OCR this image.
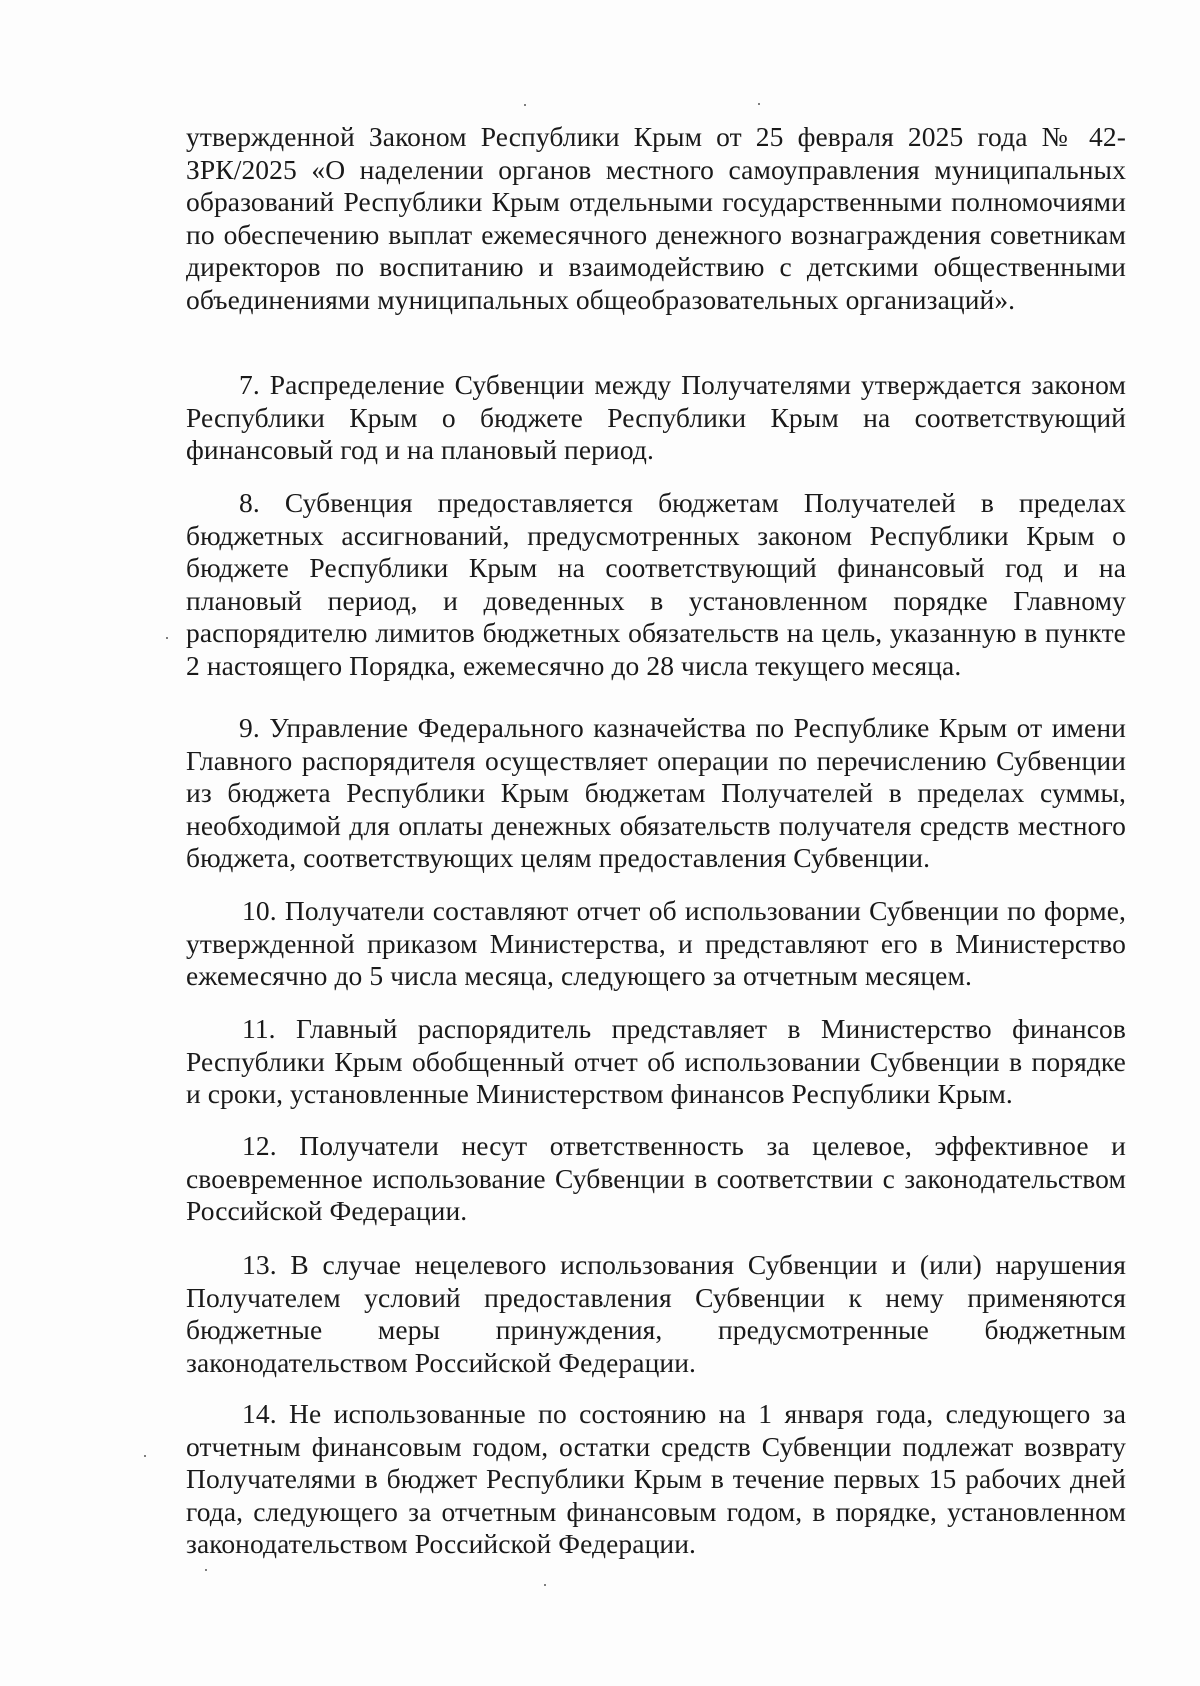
утвержденной Законом Республики Крым от 25 февраля 2025 года № 42-ЗРК/2025 «О наделении органов местного самоуправления муниципальных образований Республики Крым отдельными государственными полномочиями по обеспечению выплат ежемесячного денежного вознаграждения советникам директоров по воспитанию и взаимодействию с детскими общественными объединениями муниципальных общеобразовательных организаций».
7. Распределение Субвенции между Получателями утверждается законом Республики Крым о бюджете Республики Крым на соответствующий финансовый год и на плановый период.
8. Субвенция предоставляется бюджетам Получателей в пределах бюджетных ассигнований, предусмотренных законом Республики Крым о бюджете Республики Крым на соответствующий финансовый год и на плановый период, и доведенных в установленном порядке Главному распорядителю лимитов бюджетных обязательств на цель, указанную в пункте 2 настоящего Порядка, ежемесячно до 28 числа текущего месяца.
9. Управление Федерального казначейства по Республике Крым от имени Главного распорядителя осуществляет операции по перечислению Субвенции из бюджета Республики Крым бюджетам Получателей в пределах суммы, необходимой для оплаты денежных обязательств получателя средств местного бюджета, соответствующих целям предоставления Субвенции.
10. Получатели составляют отчет об использовании Субвенции по форме, утвержденной приказом Министерства, и представляют его в Министерство ежемесячно до 5 числа месяца, следующего за отчетным месяцем.
11. Главный распорядитель представляет в Министерство финансов Республики Крым обобщенный отчет об использовании Субвенции в порядке и сроки, установленные Министерством финансов Республики Крым.
12. Получатели несут ответственность за целевое, эффективное и своевременное использование Субвенции в соответствии с законодательством Российской Федерации.
13. В случае нецелевого использования Субвенции и (или) нарушения Получателем условий предоставления Субвенции к нему применяются бюджетные меры принуждения, предусмотренные бюджетным законодательством Российской Федерации.
14. Не использованные по состоянию на 1 января года, следующего за отчетным финансовым годом, остатки средств Субвенции подлежат возврату Получателями в бюджет Республики Крым в течение первых 15 рабочих дней года, следующего за отчетным финансовым годом, в порядке, установленном законодательством Российской Федерации.
